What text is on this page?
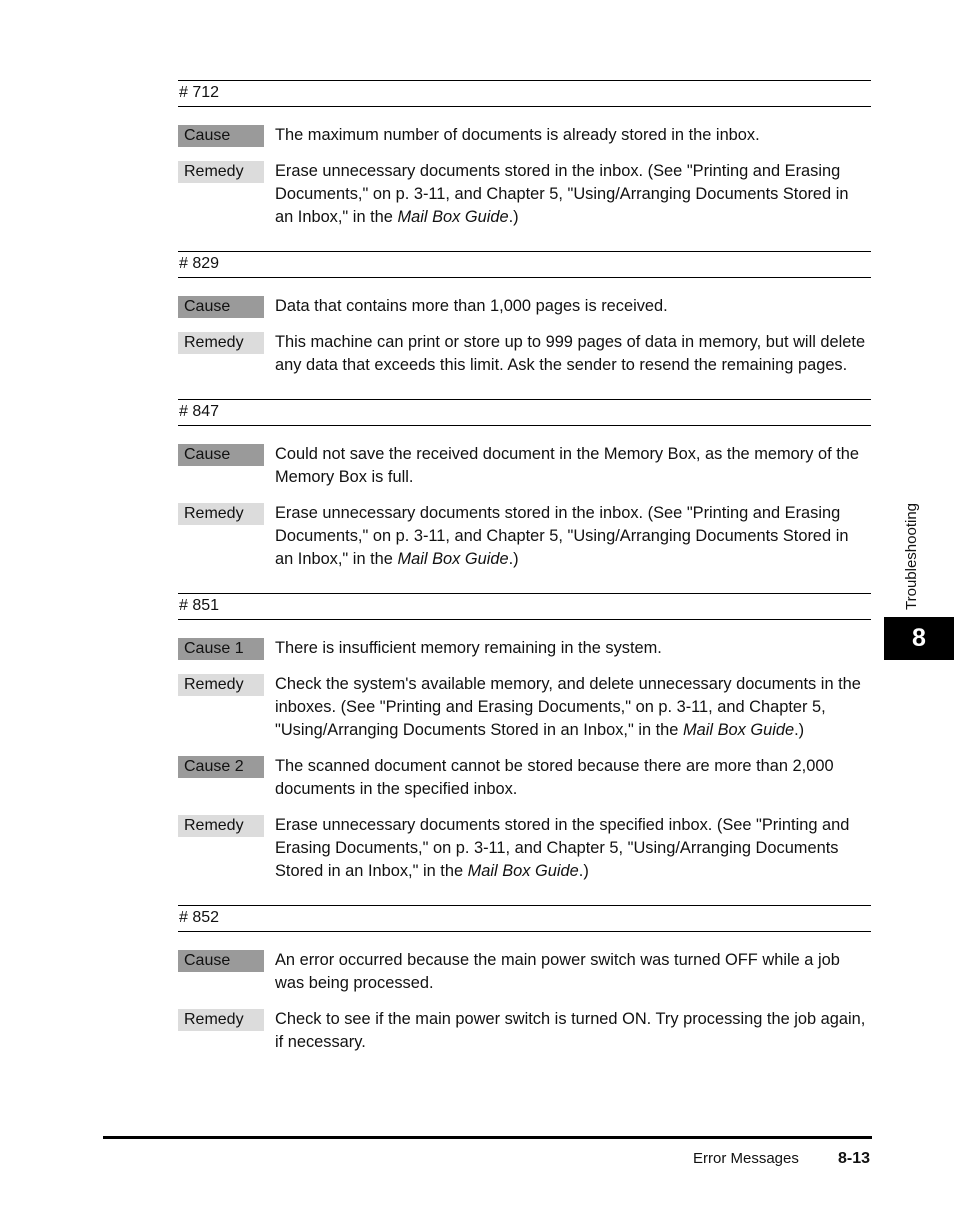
# 712
Cause	The maximum number of documents is already stored in the inbox.
Remedy	Erase unnecessary documents stored in the inbox. (See "Printing and Erasing Documents," on p. 3-11, and Chapter 5, "Using/Arranging Documents Stored in an Inbox," in the Mail Box Guide.)
# 829
Cause	Data that contains more than 1,000 pages is received.
Remedy	This machine can print or store up to 999 pages of data in memory, but will delete any data that exceeds this limit. Ask the sender to resend the remaining pages.
# 847
Cause	Could not save the received document in the Memory Box, as the memory of the Memory Box is full.
Remedy	Erase unnecessary documents stored in the inbox. (See "Printing and Erasing Documents," on p. 3-11, and Chapter 5, "Using/Arranging Documents Stored in an Inbox," in the Mail Box Guide.)
# 851
Cause 1	There is insufficient memory remaining in the system.
Remedy	Check the system's available memory, and delete unnecessary documents in the inboxes. (See "Printing and Erasing Documents," on p. 3-11, and Chapter 5, "Using/Arranging Documents Stored in an Inbox," in the Mail Box Guide.)
Cause 2	The scanned document cannot be stored because there are more than 2,000 documents in the specified inbox.
Remedy	Erase unnecessary documents stored in the specified inbox. (See "Printing and Erasing Documents," on p. 3-11, and Chapter 5, "Using/Arranging Documents Stored in an Inbox," in the Mail Box Guide.)
# 852
Cause	An error occurred because the main power switch was turned OFF while a job was being processed.
Remedy	Check to see if the main power switch is turned ON. Try processing the job again, if necessary.
Error Messages 8-13
Troubleshooting
8
